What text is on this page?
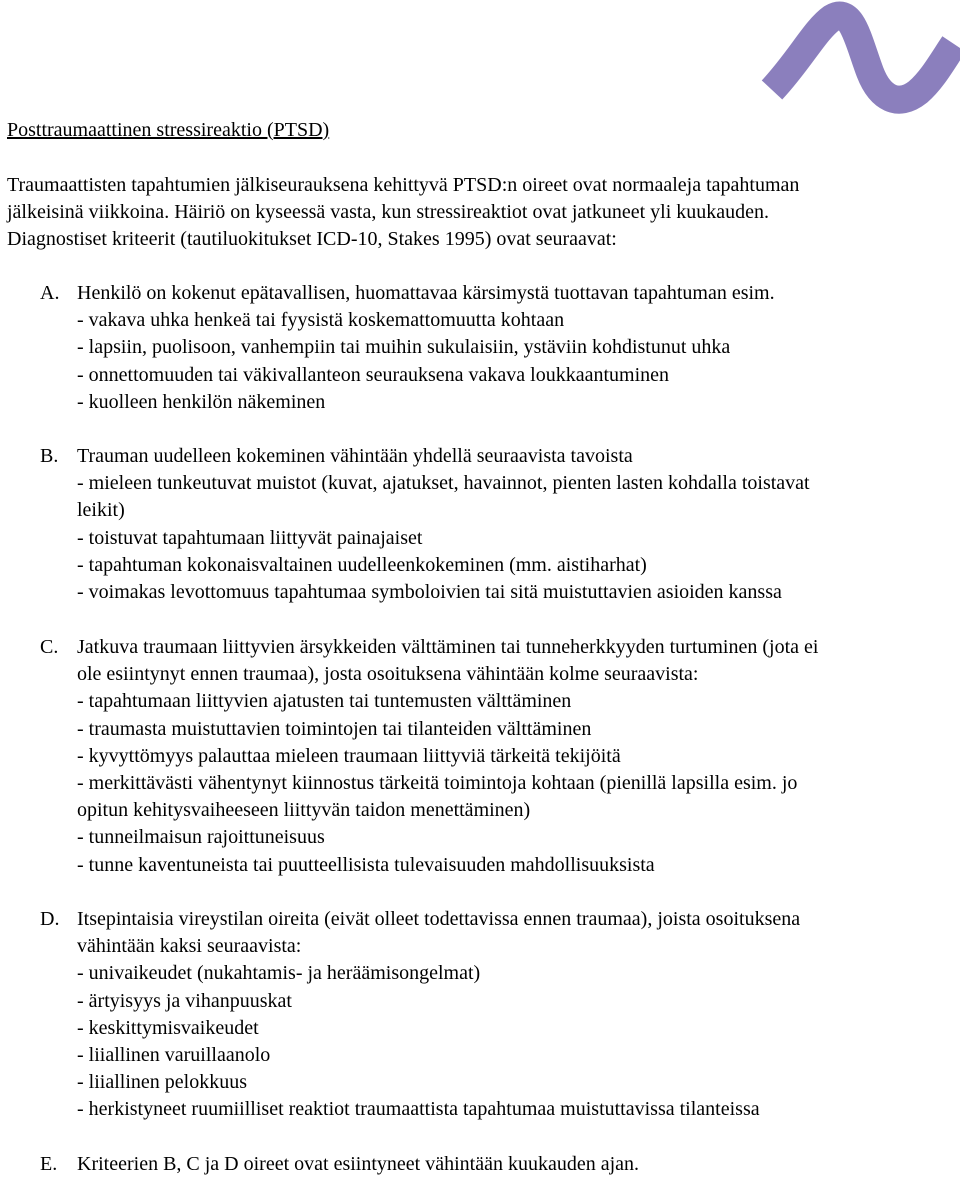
Posttraumaattinen stressireaktio (PTSD)
Traumaattisten tapahtumien jälkiseurauksena kehittyvä PTSD:n oireet ovat normaaleja tapahtuman
jälkeisinä viikkoina. Häiriö on kyseessä vasta, kun stressireaktiot ovat jatkuneet yli kuukauden.
Diagnostiset kriteerit (tautiluokitukset ICD-10, Stakes 1995) ovat seuraavat:
A. Henkilö on kokenut epätavallisen, huomattavaa kärsimystä tuottavan tapahtuman esim.
- vakava uhka henkeä tai fyysistä koskemattomuutta kohtaan
- lapsiin, puolisoon, vanhempiin tai muihin sukulaisiin, ystäviin kohdistunut uhka
- onnettomuuden tai väkivallanteon seurauksena vakava loukkaantuminen
- kuolleen henkilön näkeminen
B. Trauman uudelleen kokeminen vähintään yhdellä seuraavista tavoista
- mieleen tunkeutuvat muistot (kuvat, ajatukset, havainnot, pienten lasten kohdalla toistavat
leikit)
- toistuvat tapahtumaan liittyvät painajaiset
- tapahtuman kokonaisvaltainen uudelleenkokeminen (mm. aistiharhat)
- voimakas levottomuus tapahtumaa symboloivien tai sitä muistuttavien asioiden kanssa
C. Jatkuva traumaan liittyvien ärsykkeiden välttäminen tai tunneherkkyyden turtuminen (jota ei
ole esiintynyt ennen traumaa), josta osoituksena vähintään kolme seuraavista:
- tapahtumaan liittyvien ajatusten tai tuntemusten välttäminen
- traumasta muistuttavien toimintojen tai tilanteiden välttäminen
- kyvyttömyys palauttaa mieleen traumaan liittyviä tärkeitä tekijöitä
- merkittävästi vähentynyt kiinnostus tärkeitä toimintoja kohtaan (pienillä lapsilla esim. jo
opitun kehitysvaiheeseen liittyvän taidon menettäminen)
- tunneilmaisun rajoittuneisuus
- tunne kaventuneista tai puutteellisista tulevaisuuden mahdollisuuksista
D. Itsepintaisia vireystilan oireita (eivät olleet todettavissa ennen traumaa), joista osoituksena
vähintään kaksi seuraavista:
- univaikeudet (nukahtamis- ja heräämisongelmat)
- ärtyisyys ja vihanpuuskat
- keskittymisvaikeudet
- liiallinen varuillaanolo
- liiallinen pelokkuus
- herkistyneet ruumiilliset reaktiot traumaattista tapahtumaa muistuttavissa tilanteissa
E. Kriteerien B, C ja D oireet ovat esiintyneet vähintään kuukauden ajan.
